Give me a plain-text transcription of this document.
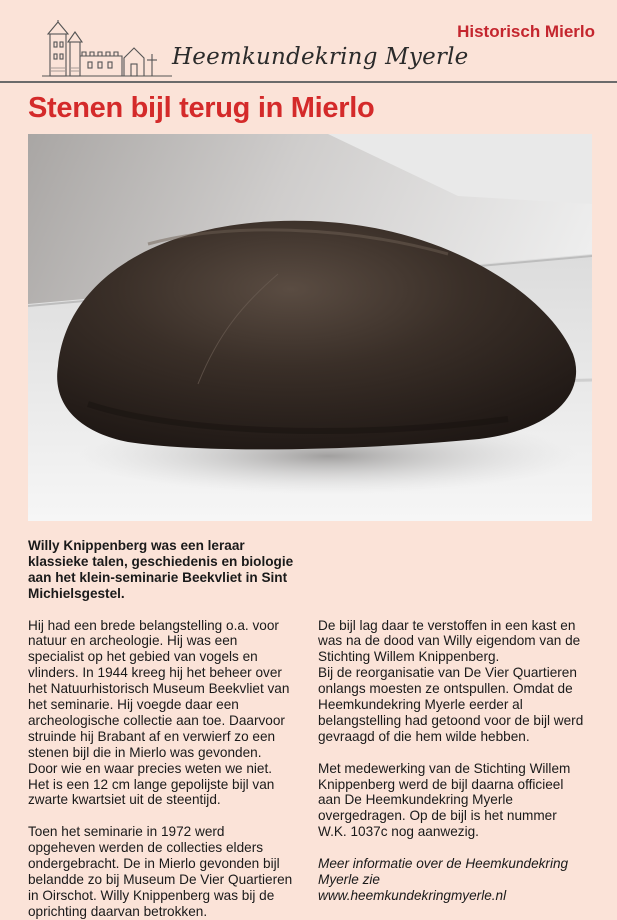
Heemkundekring Myerle
Historisch Mierlo
Stenen bijl terug in Mierlo

Willy Knippenberg was een leraar klassieke talen, geschiedenis en biologie aan het klein-seminarie Beekvliet in Sint Michielsgestel.

Hij had een brede belangstelling o.a. voor natuur en archeologie. Hij was een specialist op het gebied van vogels en vlinders. In 1944 kreeg hij het beheer over het Natuurhistorisch Museum Beekvliet van het seminarie. Hij voegde daar een archeologische collectie aan toe. Daarvoor struinde hij Brabant af en verwierf zo een stenen bijl die in Mierlo was gevonden. Door wie en waar precies weten we niet. Het is een 12 cm lange gepolijste bijl van zwarte kwartsiet uit de steentijd.

Toen het seminarie in 1972 werd opgeheven werden de collecties elders ondergebracht. De in Mierlo gevonden bijl belandde zo bij Museum De Vier Quartieren in Oirschot. Willy Knippenberg was bij de oprichting daarvan betrokken.

De bijl lag daar te verstoffen in een kast en was na de dood van Willy eigendom van de Stichting Willem Knippenberg.
Bij de reorganisatie van De Vier Quartieren onlangs moesten ze ontspullen. Omdat de Heemkundekring Myerle eerder al belangstelling had getoond voor de bijl werd gevraagd of die hem wilde hebben.

Met medewerking van de Stichting Willem Knippenberg werd de bijl daarna officieel aan De Heemkundekring Myerle overgedragen. Op de bijl is het nummer W.K. 1037c nog aanwezig.

Meer informatie over de Heemkundekring Myerle zie
www.heemkundekringmyerle.nl
